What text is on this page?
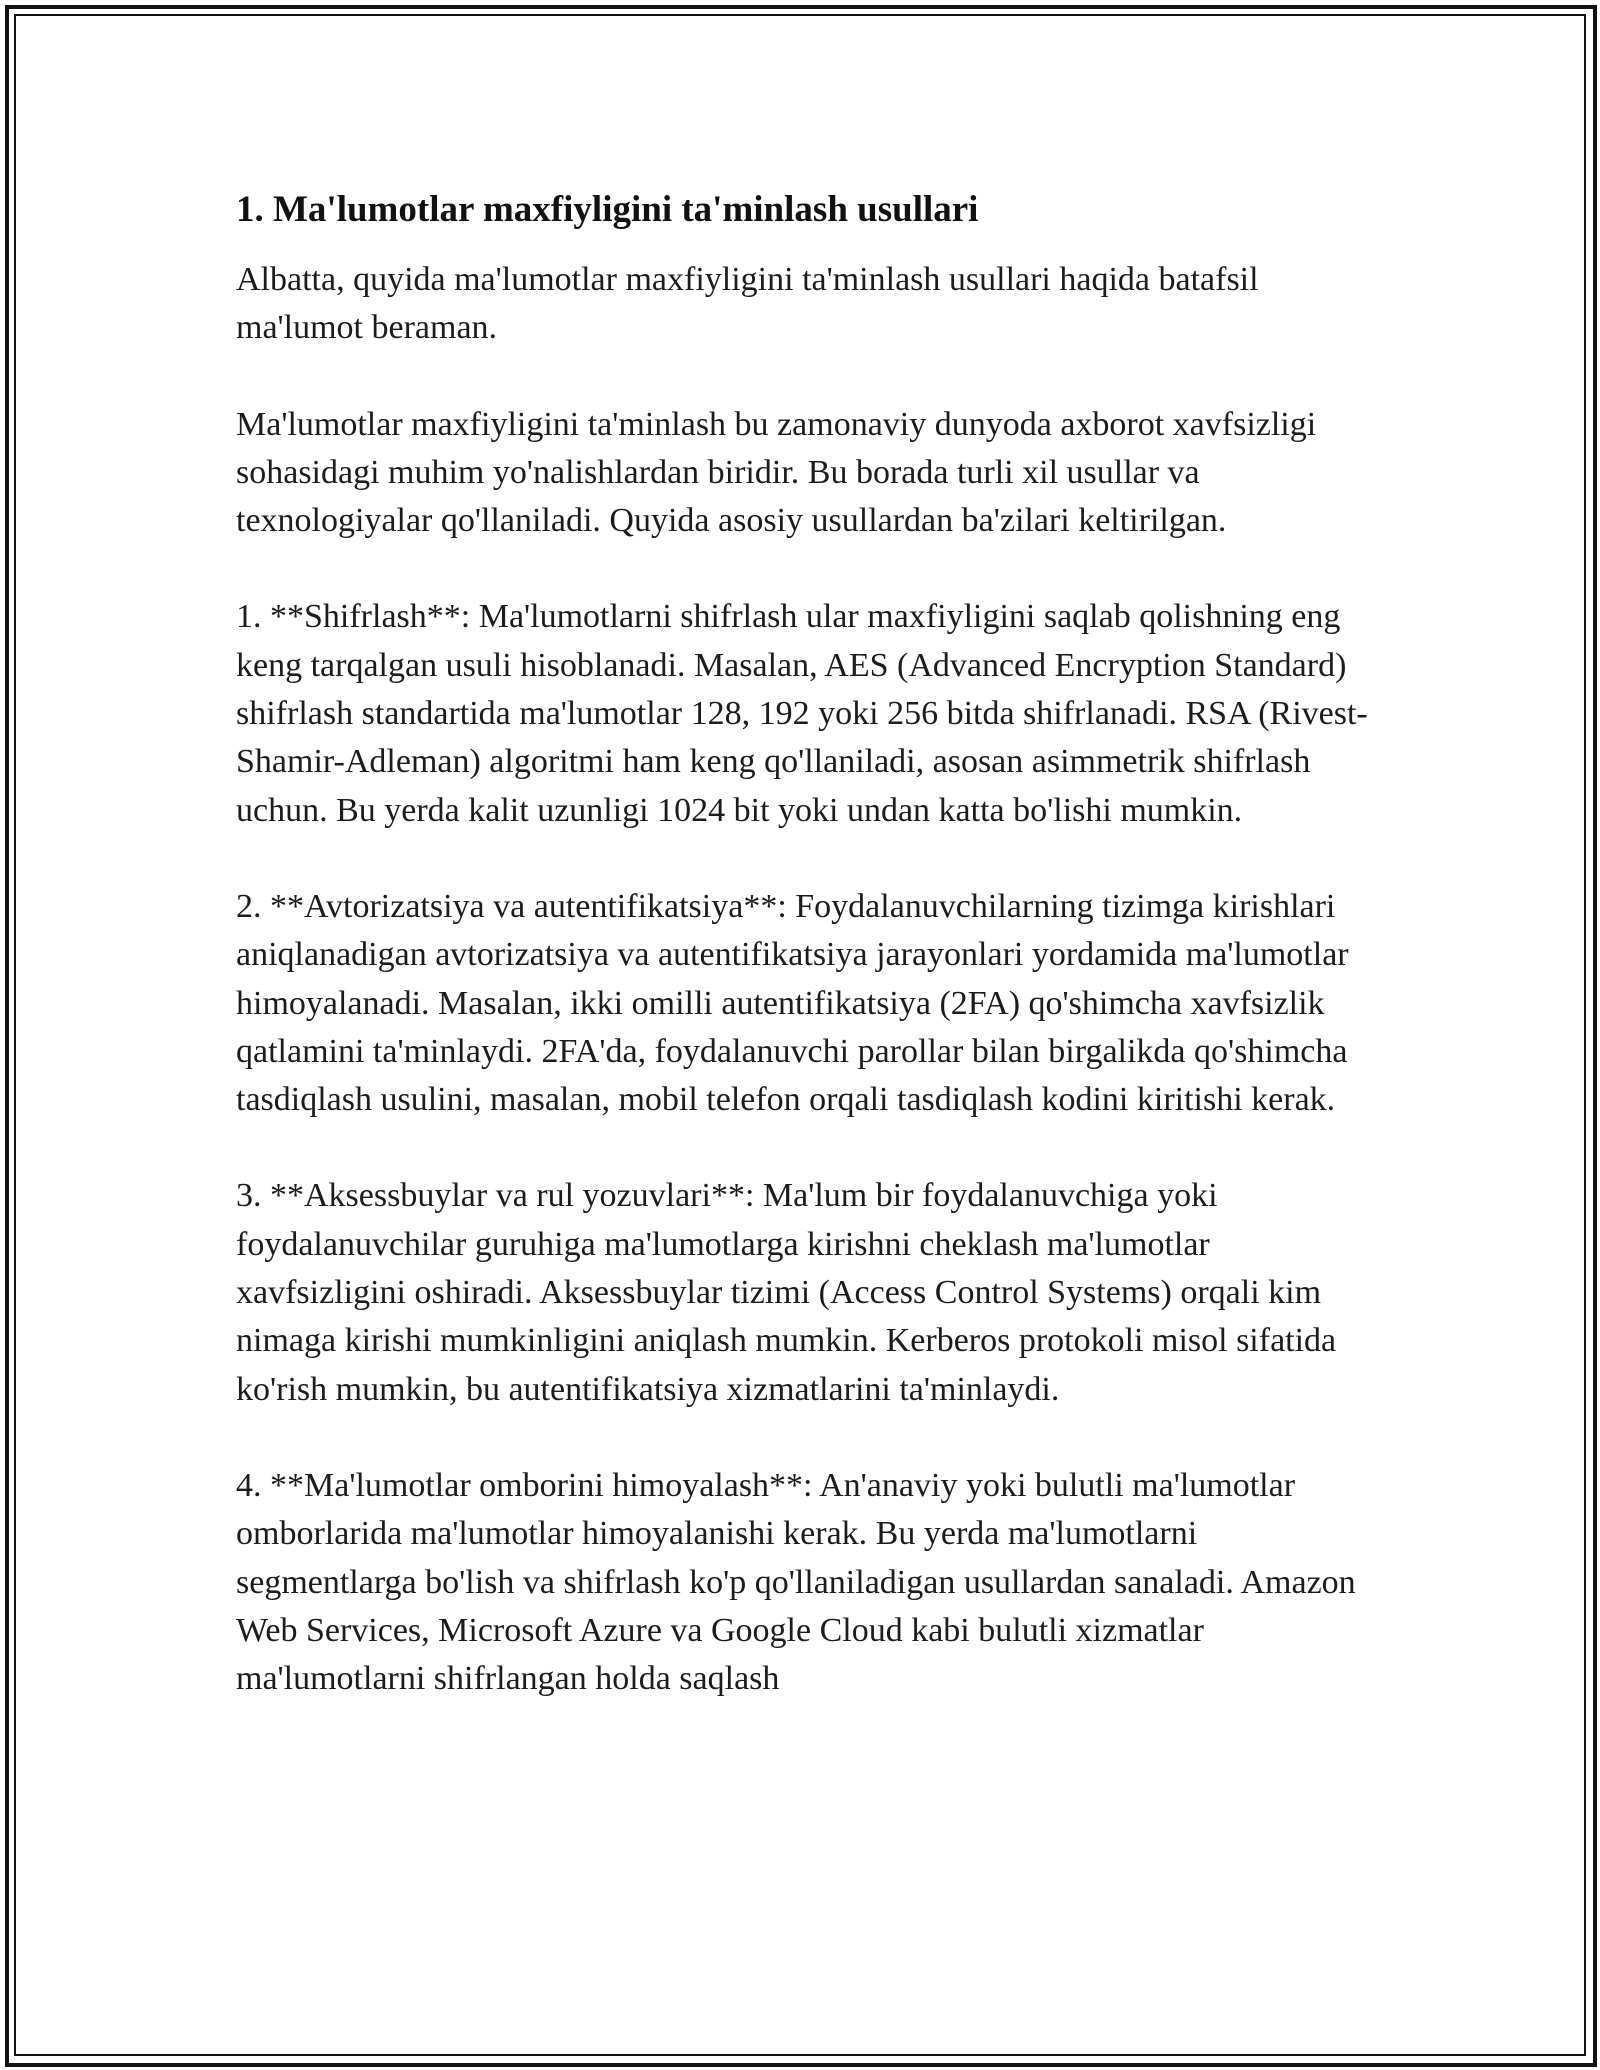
1. Ma'lumotlar maxfiyligini ta'minlash usullari

Albatta, quyida ma'lumotlar maxfiyligini ta'minlash usullari haqida batafsil ma'lumot beraman.

Ma'lumotlar maxfiyligini ta'minlash bu zamonaviy dunyoda axborot xavfsizligi sohasidagi muhim yo'nalishlardan biridir. Bu borada turli xil usullar va texnologiyalar qo'llaniladi. Quyida asosiy usullardan ba'zilari keltirilgan.

1. **Shifrlash**: Ma'lumotlarni shifrlash ular maxfiyligini saqlab qolishning eng keng tarqalgan usuli hisoblanadi. Masalan, AES (Advanced Encryption Standard) shifrlash standartida ma'lumotlar 128, 192 yoki 256 bitda shifrlanadi. RSA (Rivest-Shamir-Adleman) algoritmi ham keng qo'llaniladi, asosan asimmetrik shifrlash uchun. Bu yerda kalit uzunligi 1024 bit yoki undan katta bo'lishi mumkin.

2. **Avtorizatsiya va autentifikatsiya**: Foydalanuvchilarning tizimga kirishlari aniqlanadigan avtorizatsiya va autentifikatsiya jarayonlari yordamida ma'lumotlar himoyalanadi. Masalan, ikki omilli autentifikatsiya (2FA) qo'shimcha xavfsizlik qatlamini ta'minlaydi. 2FA'da, foydalanuvchi parollar bilan birgalikda qo'shimcha tasdiqlash usulini, masalan, mobil telefon orqali tasdiqlash kodini kiritishi kerak.

3. **Aksessbuylar va rul yozuvlari**: Ma'lum bir foydalanuvchiga yoki foydalanuvchilar guruhiga ma'lumotlarga kirishni cheklash ma'lumotlar xavfsizligini oshiradi. Aksessbuylar tizimi (Access Control Systems) orqali kim nimaga kirishi mumkinligini aniqlash mumkin. Kerberos protokoli misol sifatida ko'rish mumkin, bu autentifikatsiya xizmatlarini ta'minlaydi.

4. **Ma'lumotlar omborini himoyalash**: An'anaviy yoki bulutli ma'lumotlar omborlarida ma'lumotlar himoyalanishi kerak. Bu yerda ma'lumotlarni segmentlarga bo'lish va shifrlash ko'p qo'llaniladigan usullardan sanaladi. Amazon Web Services, Microsoft Azure va Google Cloud kabi bulutli xizmatlar ma'lumotlarni shifrlangan holda saqlash
